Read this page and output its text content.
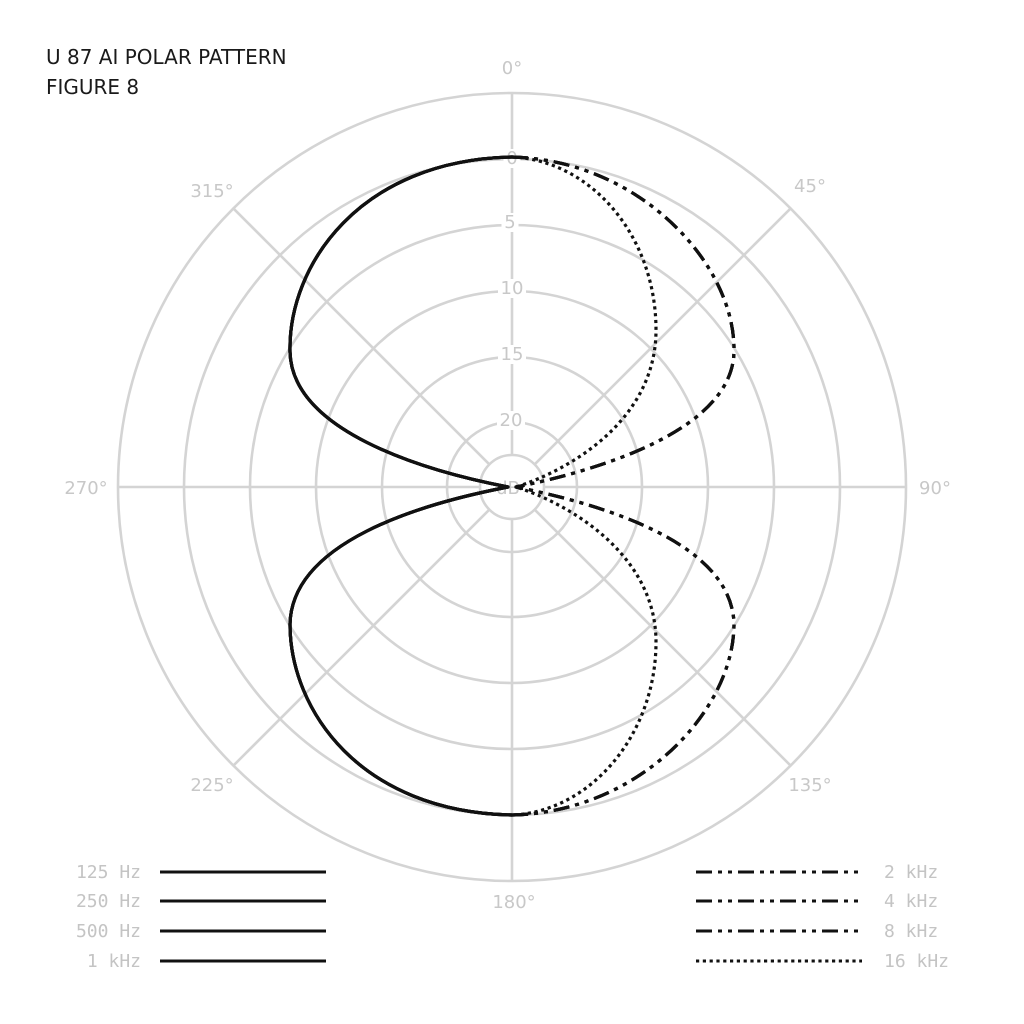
U 87 AI POLAR PATTERN
FIGURE 8
0°
45°
90°
135°
180°
225°
270°
315°
0
5
10
15
20
dB
125 Hz
250 Hz
500 Hz
1 kHz
2 kHz
4 kHz
8 kHz
16 kHz
